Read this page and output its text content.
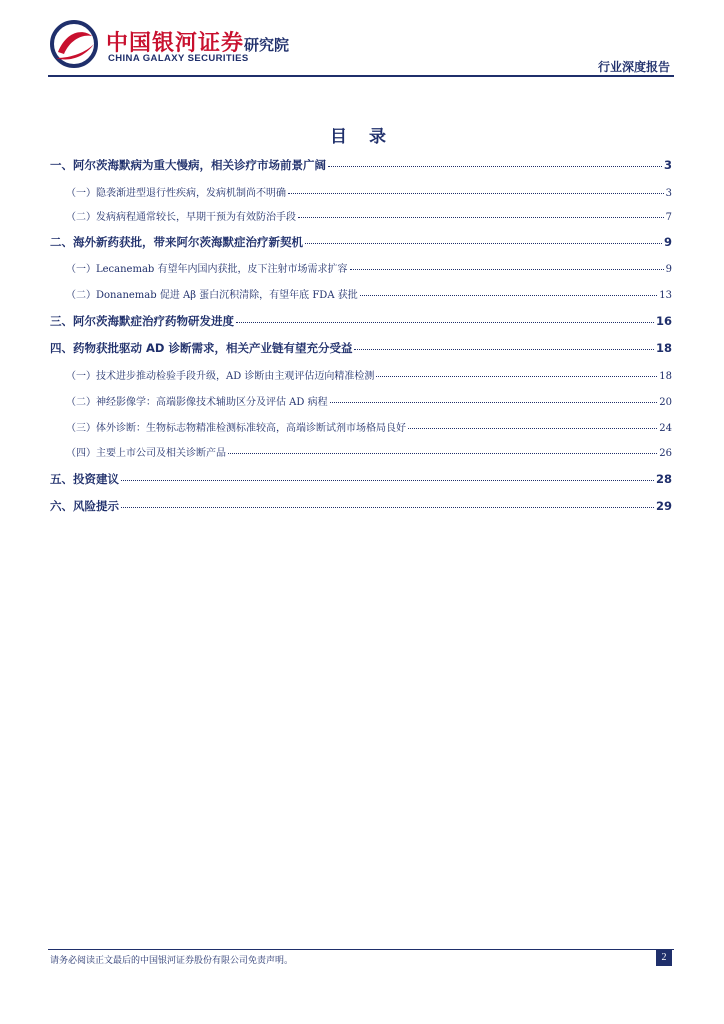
中国银河证券
CHINA GALAXY SECURITIES
研究院
行业深度报告
目 录
一、阿尔茨海默病为重大慢病，相关诊疗市场前景广阔	3
（一）隐袭渐进型退行性疾病，发病机制尚不明确	3
（二）发病病程通常较长，早期干预为有效防治手段	7
二、海外新药获批，带来阿尔茨海默症治疗新契机	9
（一）Lecanemab 有望年内国内获批，皮下注射市场需求扩容	9
（二）Donanemab 促进 Aβ 蛋白沉积清除，有望年底 FDA 获批	13
三、阿尔茨海默症治疗药物研发进度	16
四、药物获批驱动 AD 诊断需求，相关产业链有望充分受益	18
（一）技术进步推动检验手段升级，AD 诊断由主观评估迈向精准检测	18
（二）神经影像学：高端影像技术辅助区分及评估 AD 病程	20
（三）体外诊断：生物标志物精准检测标准较高，高端诊断试剂市场格局良好	24
（四）主要上市公司及相关诊断产品	26
五、投资建议	28
六、风险提示	29
请务必阅读正文最后的中国银河证券股份有限公司免责声明。	2
